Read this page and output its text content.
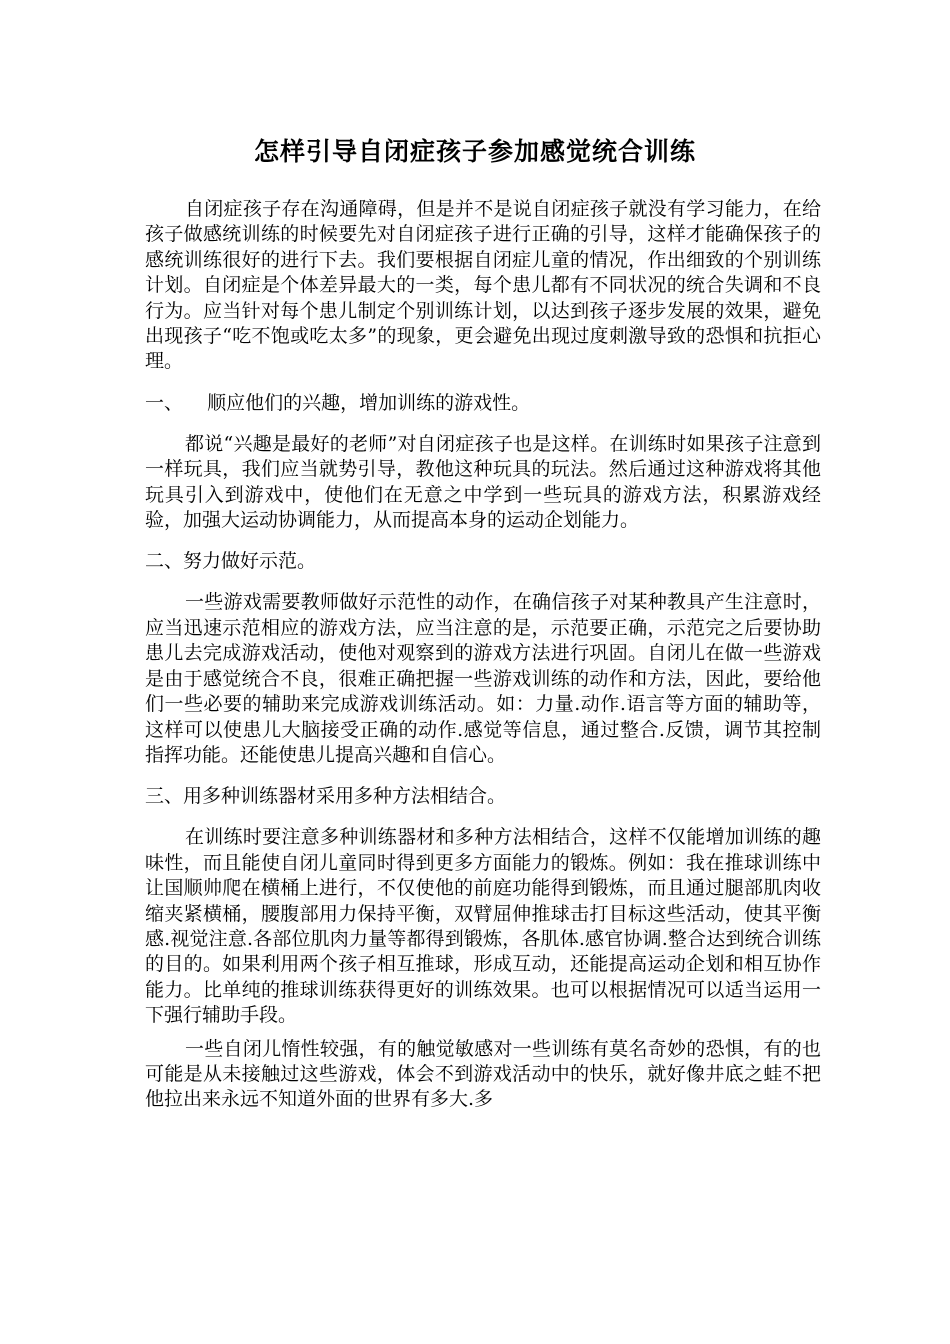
怎样引导自闭症孩子参加感觉统合训练

自闭症孩子存在沟通障碍，但是并不是说自闭症孩子就没有学习能力，在给孩子做感统训练的时候要先对自闭症孩子进行正确的引导，这样才能确保孩子的感统训练很好的进行下去。我们要根据自闭症儿童的情况，作出细致的个别训练计划。自闭症是个体差异最大的一类，每个患儿都有不同状况的统合失调和不良行为。应当针对每个患儿制定个别训练计划，以达到孩子逐步发展的效果，避免出现孩子“吃不饱或吃太多”的现象，更会避免出现过度刺激导致的恐惧和抗拒心理。

一、    顺应他们的兴趣，增加训练的游戏性。

都说“兴趣是最好的老师”对自闭症孩子也是这样。在训练时如果孩子注意到一样玩具，我们应当就势引导，教他这种玩具的玩法。然后通过这种游戏将其他玩具引入到游戏中，使他们在无意之中学到一些玩具的游戏方法，积累游戏经验，加强大运动协调能力，从而提高本身的运动企划能力。

二、努力做好示范。

一些游戏需要教师做好示范性的动作，在确信孩子对某种教具产生注意时，应当迅速示范相应的游戏方法，应当注意的是，示范要正确，示范完之后要协助患儿去完成游戏活动，使他对观察到的游戏方法进行巩固。自闭儿在做一些游戏是由于感觉统合不良，很难正确把握一些游戏训练的动作和方法，因此，要给他们一些必要的辅助来完成游戏训练活动。如：力量.动作.语言等方面的辅助等，这样可以使患儿大脑接受正确的动作.感觉等信息，通过整合.反馈，调节其控制指挥功能。还能使患儿提高兴趣和自信心。

三、用多种训练器材采用多种方法相结合。

在训练时要注意多种训练器材和多种方法相结合，这样不仅能增加训练的趣味性，而且能使自闭儿童同时得到更多方面能力的锻炼。例如：我在推球训练中让国顺帅爬在横桶上进行，不仅使他的前庭功能得到锻炼，而且通过腿部肌肉收缩夹紧横桶，腰腹部用力保持平衡，双臂屈伸推球击打目标这些活动，使其平衡感.视觉注意.各部位肌肉力量等都得到锻炼，各肌体.感官协调.整合达到统合训练的目的。如果利用两个孩子相互推球，形成互动，还能提高运动企划和相互协作能力。比单纯的推球训练获得更好的训练效果。也可以根据情况可以适当运用一下强行辅助手段。

一些自闭儿惰性较强，有的触觉敏感对一些训练有莫名奇妙的恐惧，有的也可能是从未接触过这些游戏，体会不到游戏活动中的快乐，就好像井底之蛙不把他拉出来永远不知道外面的世界有多大.多
